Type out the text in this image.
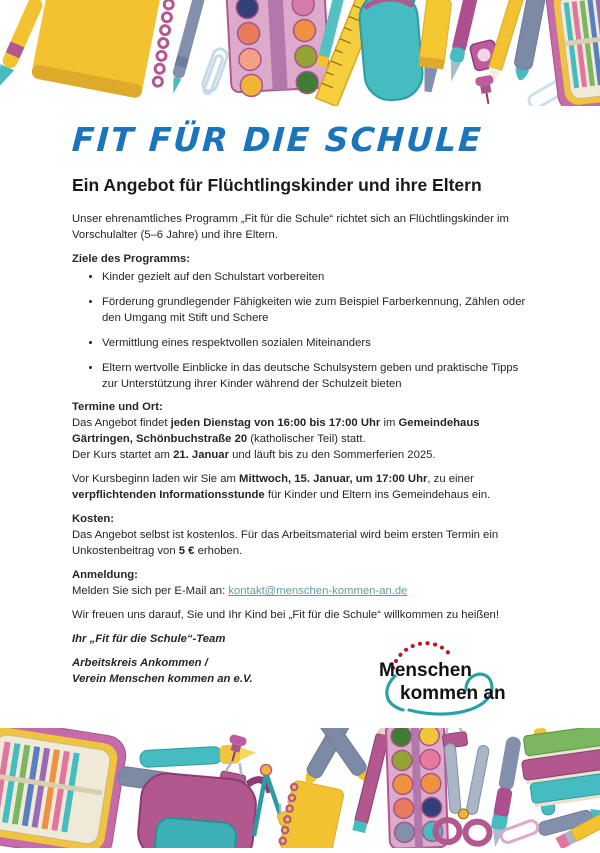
FIT FÜR DIE SCHULE
Ein Angebot für Flüchtlingskinder und ihre Eltern

Unser ehrenamtliches Programm „Fit für die Schule“ richtet sich an Flüchtlingskinder im Vorschulalter (5–6 Jahre) und ihre Eltern.

Ziele des Programms:

• Kinder gezielt auf den Schulstart vorbereiten
• Förderung grundlegender Fähigkeiten wie zum Beispiel Farberkennung, Zählen oder den Umgang mit Stift und Schere
• Vermittlung eines respektvollen sozialen Miteinanders
• Eltern wertvolle Einblicke in das deutsche Schulsystem geben und praktische Tipps zur Unterstützung ihrer Kinder während der Schulzeit bieten

Termine und Ort:

Das Angebot findet jeden Dienstag von 16:00 bis 17:00 Uhr im Gemeindehaus Gärtringen, Schönbuchstraße 20 (katholischer Teil) statt.

Der Kurs startet am 21. Januar und läuft bis zu den Sommerferien 2025.

Vor Kursbeginn laden wir Sie am Mittwoch, 15. Januar, um 17:00 Uhr, zu einer verpflichtenden Informationsstunde für Kinder und Eltern ins Gemeindehaus ein.

Kosten:

Das Angebot selbst ist kostenlos. Für das Arbeitsmaterial wird beim ersten Termin ein Unkostenbeitrag von 5 € erhoben.

Anmeldung:

Melden Sie sich per E-Mail an: kontakt@menschen-kommen-an.de

Wir freuen uns darauf, Sie und Ihr Kind bei „Fit für die Schule“ willkommen zu heißen!

Ihr „Fit für die Schule“-Team

Arbeitskreis Ankommen /

Verein Menschen kommen an e.V.	Menschen
kommen an
